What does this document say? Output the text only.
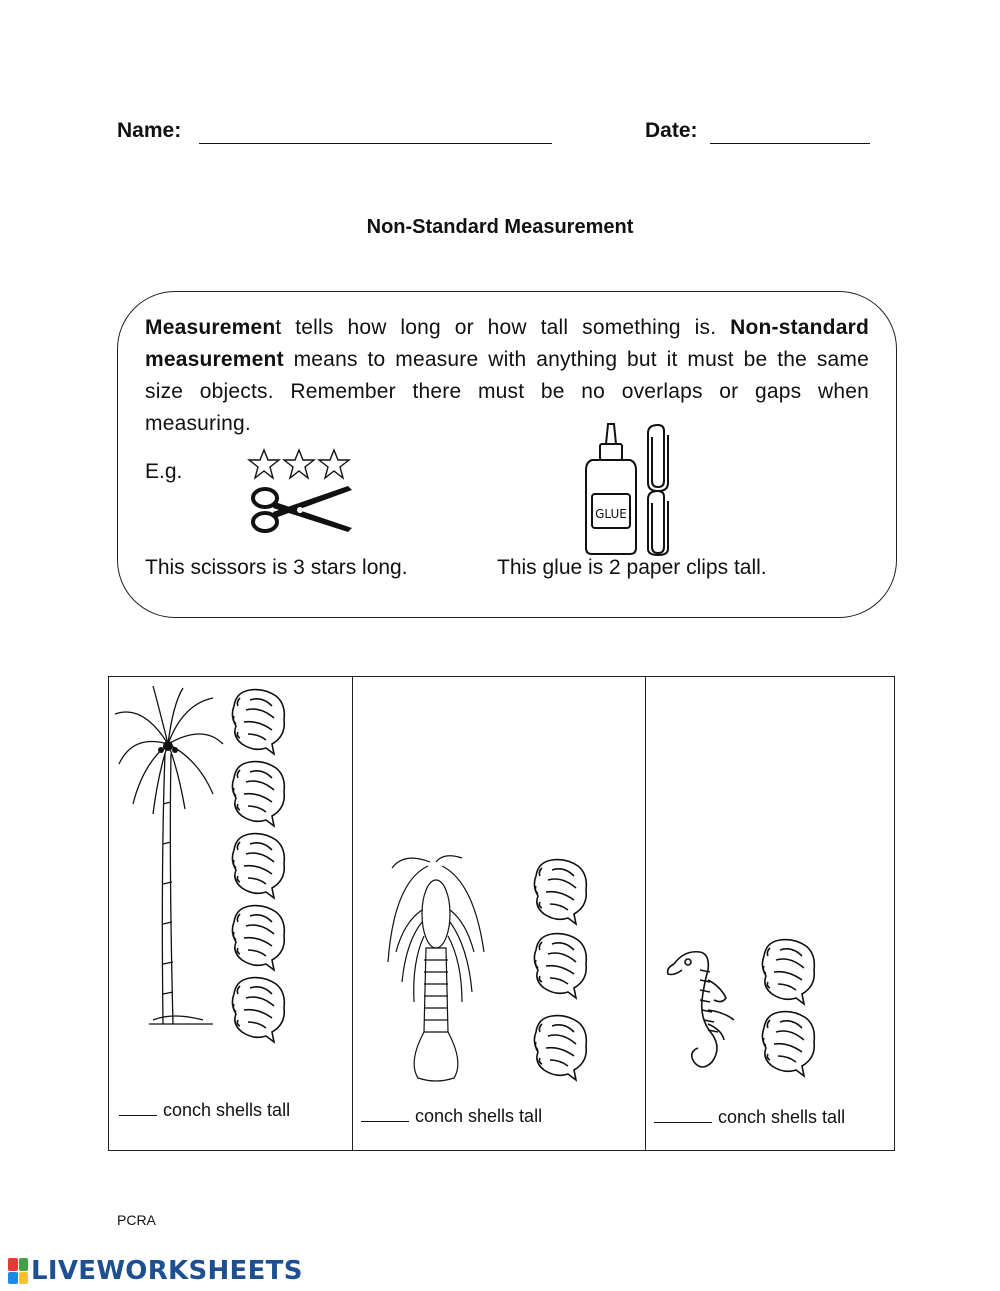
Name:	Date:
Non-Standard Measurement
Measurement tells how long or how tall something is. Non-standard measurement means to measure with anything but it must be the same size objects. Remember there must be no overlaps or gaps when measuring.
E.g.
GLUE
This scissors is 3 stars long.	This glue is 2 paper clips tall.
conch shells tall	conch shells tall	conch shells tall
PCRA
LIVEWORKSHEETS
